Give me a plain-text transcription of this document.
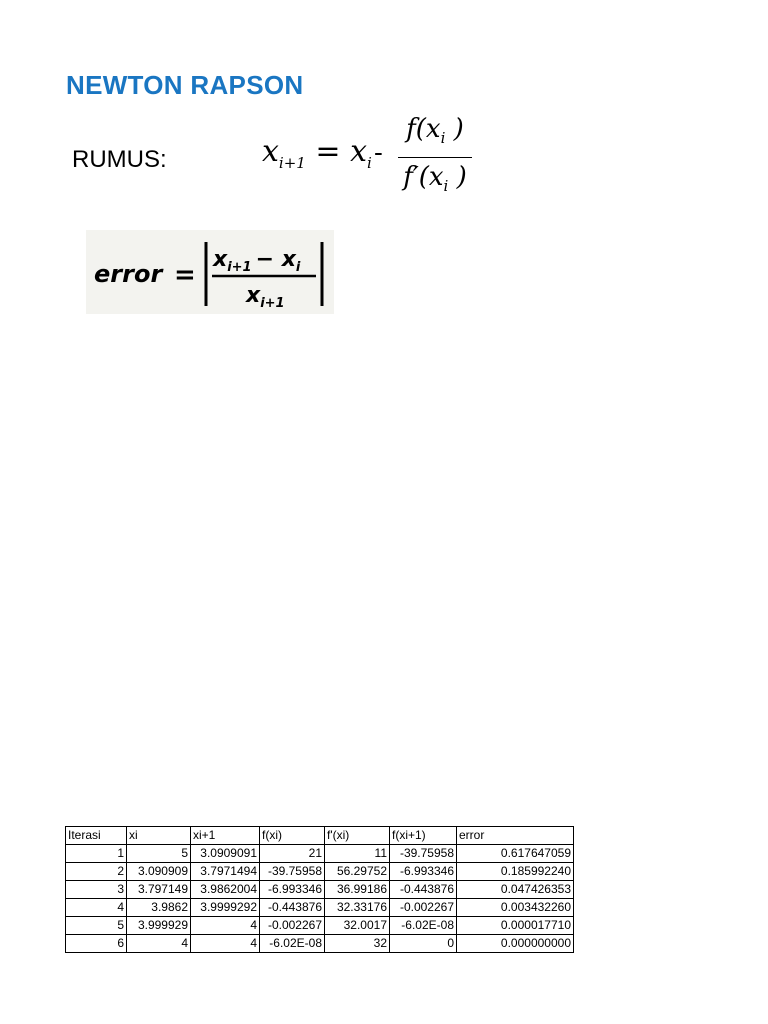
NEWTON RAPSON
RUMUS:	$x_{i+1} = x_i$ -
$f(x_i$ )
$f'(x_i$ )
error =
$x_{i+1} - x_i$
$x_{i+1}$
Iterasi	xi	xi+1	f(xi)	f'(xi)	f(xi+1)	error
1	5	3.0909091	21	11	-39.75958	0.617647059
2	3.090909	3.7971494	-39.75958	56.29752	-6.993346	0.185992240
3	3.797149	3.9862004	-6.993346	36.99186	-0.443876	0.047426353
4	3.9862	3.9999292	-0.443876	32.33176	-0.002267	0.003432260
5	3.999929	4	-0.002267	32.0017	-6.02E-08	0.000017710
6	4	4	-6.02E-08	32	0	0.000000000
